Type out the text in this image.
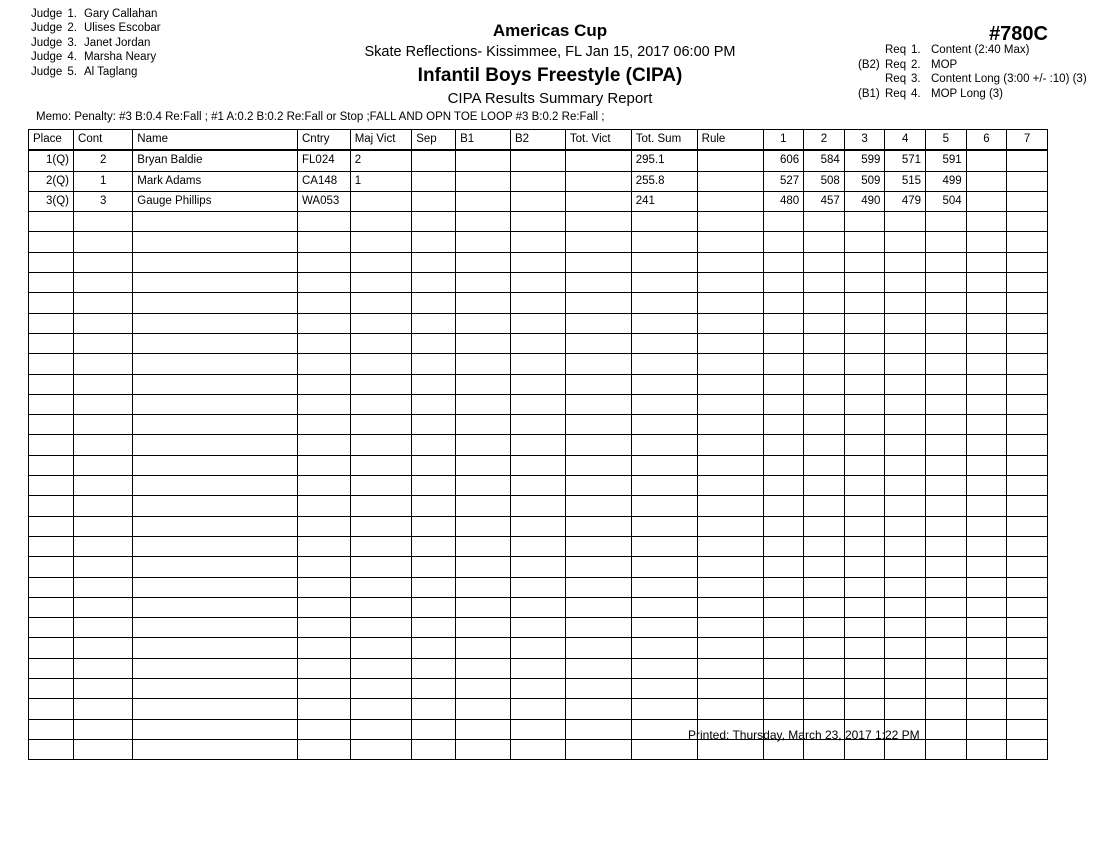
Judge 1. Gary Callahan
Judge 2. Ulises Escobar
Judge 3. Janet Jordan
Judge 4. Marsha Neary
Judge 5. Al Taglang
Americas Cup
Skate Reflections- Kissimmee, FL Jan 15, 2017 06:00 PM
Infantil Boys Freestyle (CIPA)
CIPA Results Summary Report
#780C
Req 1. Content (2:40 Max)
(B2) Req 2. MOP
Req 3. Content Long (3:00 +/- :10) (3)
(B1) Req 4. MOP Long (3)
Memo: Penalty: #3 B:0.4 Re:Fall ; #1 A:0.2 B:0.2 Re:Fall or Stop ;FALL AND OPN TOE LOOP #3 B:0.2 Re:Fall ;
Place	Cont	Name	Cntry	Maj Vict	Sep	B1	B2	Tot. Vict	Tot. Sum	Rule	1	2	3	4	5	6	7
1(Q)	2	Bryan Baldie	FL024	2					295.1		606	584	599	571	591		
2(Q)	1	Mark Adams	CA148	1					255.8		527	508	509	515	499		
3(Q)	3	Gauge Phillips	WA053						241		480	457	490	479	504		

Printed: Thursday, March 23, 2017 1:22 PM
